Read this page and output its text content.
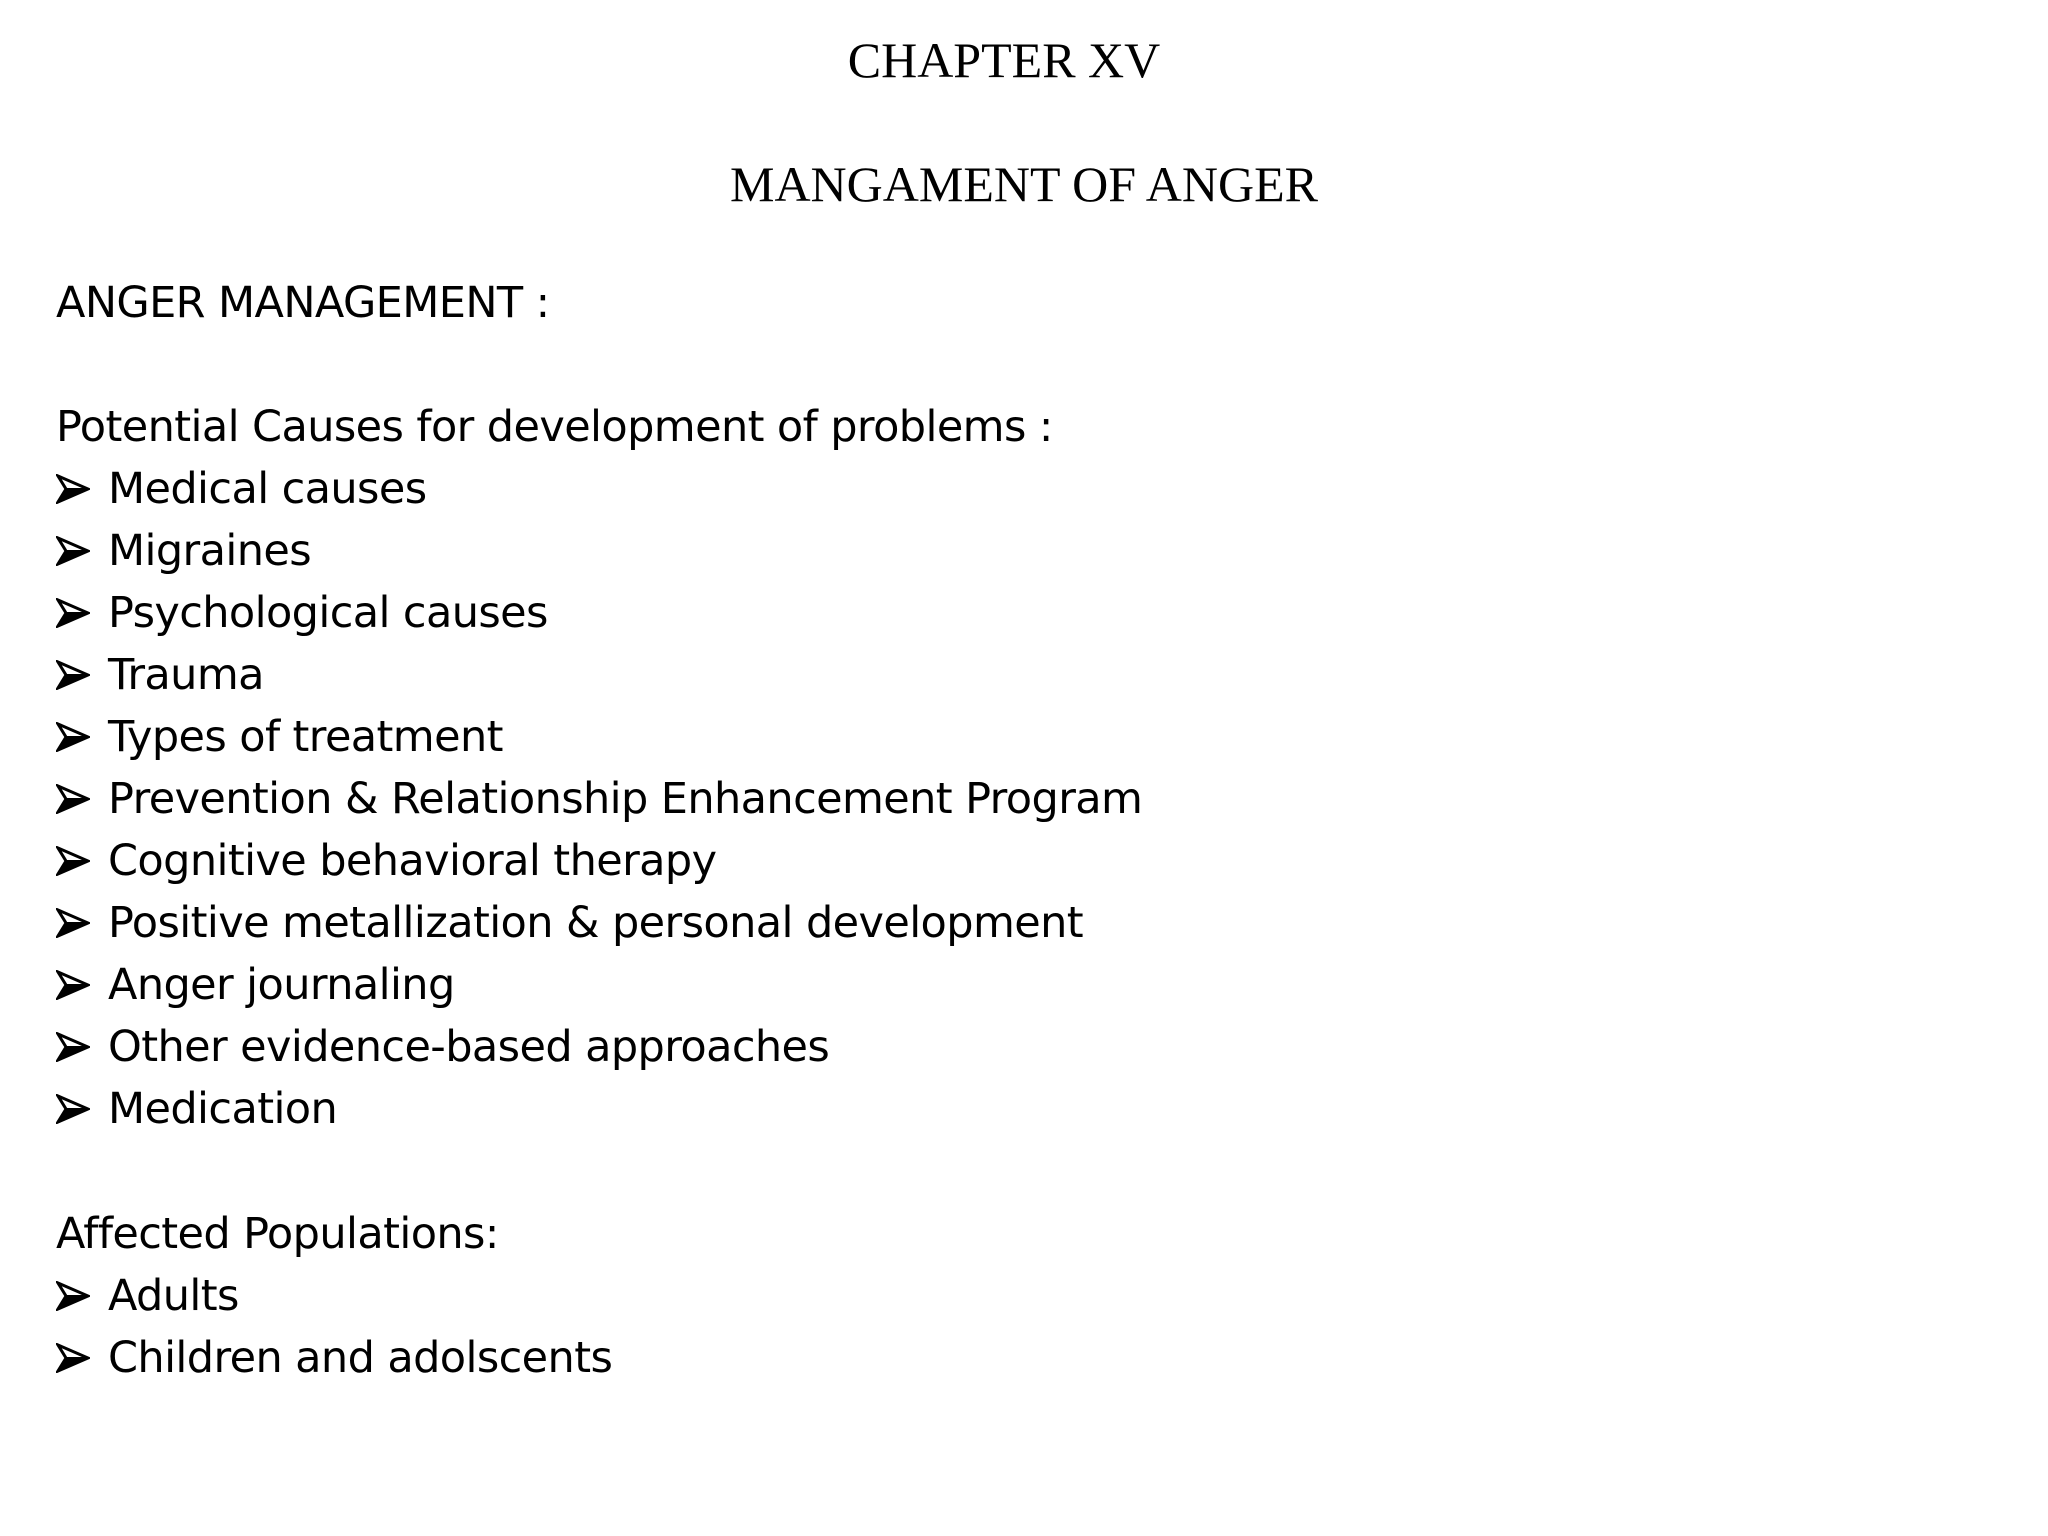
CHAPTER XV
MANGAMENT OF ANGER
ANGER MANAGEMENT :
Potential Causes for development of problems :
Medical causes
Migraines
Psychological causes
Trauma
Types of treatment
Prevention & Relationship Enhancement Program
Cognitive behavioral therapy
Positive metallization & personal development
Anger journaling
Other evidence-based approaches
Medication
Affected Populations:
Adults
Children and adolscents
